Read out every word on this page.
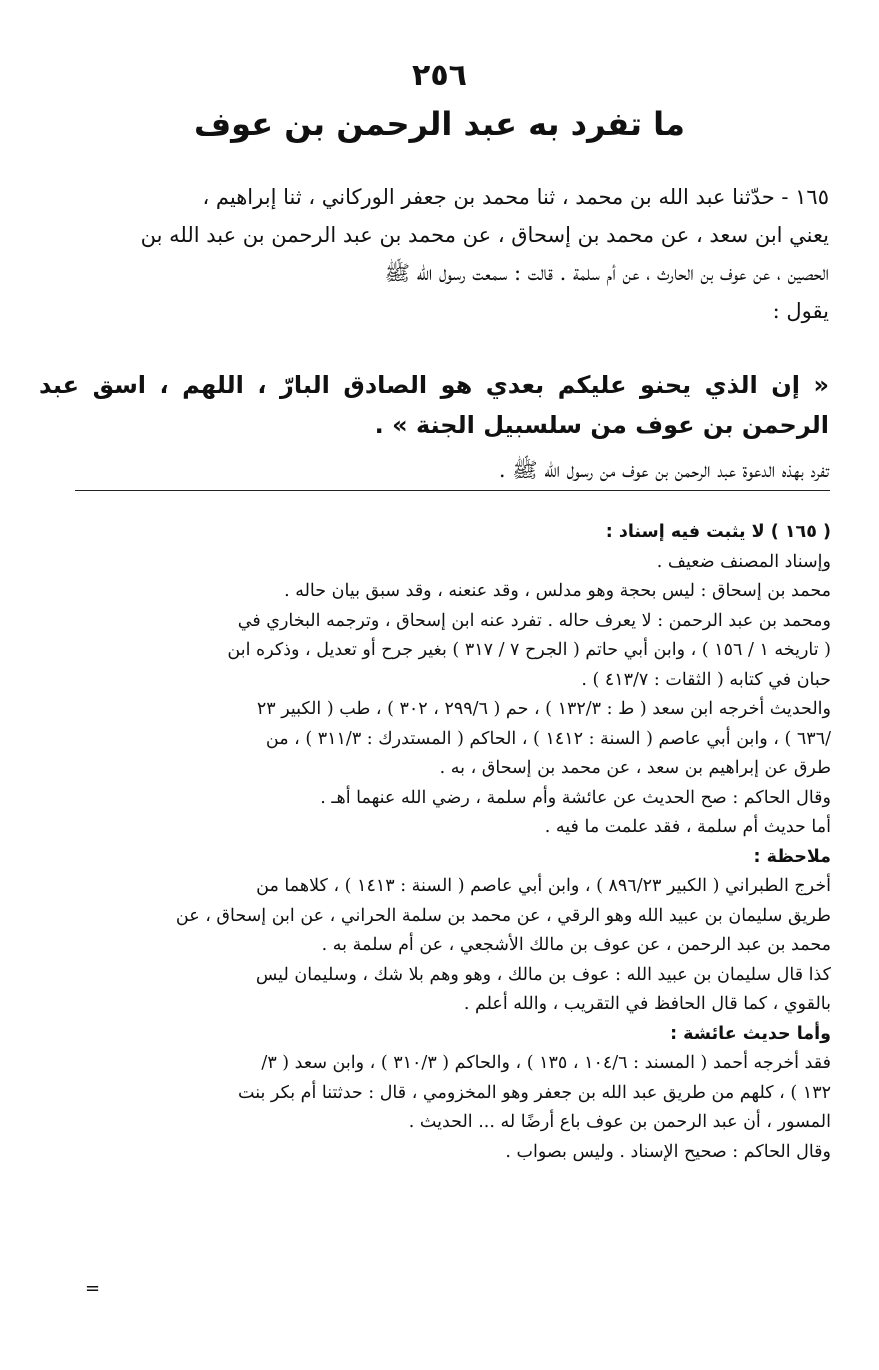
٢٥٦
ما تفرد به عبد الرحمن بن عوف

١٦٥ - حدّثنا عبد الله بن محمد ، ثنا محمد بن جعفر الوركاني ، ثنا إبراهيم ،

يعني ابن سعد ، عن محمد بن إسحاق ، عن محمد بن عبد الرحمن بن عبد الله بن

الحصين ، عن عوف بن الحارث ، عن أم سلمة . قالت : سمعت رسول الله ﷺ

يقول :

« إن الذي يحنو عليكم بعدي هو الصادق البارّ ، اللهم ، اسق عبد الرحمن بن عوف من سلسبيل الجنة » .
تفرد بهذه الدعوة عبد الرحمن بن عوف من رسول اللّه ﷺ .

( ١٦٥ ) لا يثبت فيه إسناد :

وإسناد المصنف ضعيف .

محمد بن إسحاق : ليس بحجة وهو مدلس ، وقد عنعنه ، وقد سبق بيان حاله .

ومحمد بن عبد الرحمن : لا يعرف حاله . تفرد عنه ابن إسحاق ، وترجمه البخاري في

( تاريخه ١ / ١٥٦ ) ، وابن أبي حاتم ( الجرح ٧ / ٣١٧ ) بغير جرح أو تعديل ، وذكره ابن

حبان في كتابه ( الثقات : ٤١٣/٧ ) .

والحديث أخرجه ابن سعد ( ط : ١٣٢/٣ ) ، حم ( ٢٩٩/٦ ، ٣٠٢ ) ، طب ( الكبير ٢٣

/٦٣٦ ) ، وابن أبي عاصم ( السنة : ١٤١٢ ) ، الحاكم ( المستدرك : ٣١١/٣ ) ، من

طرق عن إبراهيم بن سعد ، عن محمد بن إسحاق ، به .

وقال الحاكم : صح الحديث عن عائشة وأم سلمة ، رضي الله عنهما أهـ .

أما حديث أم سلمة ، فقد علمت ما فيه .

ملاحظة :

أخرج الطبراني ( الكبير ٨٩٦/٢٣ ) ، وابن أبي عاصم ( السنة : ١٤١٣ ) ، كلاهما من

طريق سليمان بن عبيد الله وهو الرقي ، عن محمد بن سلمة الحراني ، عن ابن إسحاق ، عن

محمد بن عبد الرحمن ، عن عوف بن مالك الأشجعي ، عن أم سلمة به .

كذا قال سليمان بن عبيد الله : عوف بن مالك ، وهو وهم بلا شك ، وسليمان ليس

بالقوي ، كما قال الحافظ في التقريب ، والله أعلم .

وأما حديث عائشة :

فقد أخرجه أحمد ( المسند : ١٠٤/٦ ، ١٣٥ ) ، والحاكم ( ٣١٠/٣ ) ، وابن سعد ( ٣/

١٣٢ ) ، كلهم من طريق عبد الله بن جعفر وهو المخزومي ، قال : حدثتنا أم بكر بنت

المسور ، أن عبد الرحمن بن عوف باع أرضًا له ... الحديث .

وقال الحاكم : صحيح الإسناد . وليس بصواب .

=
